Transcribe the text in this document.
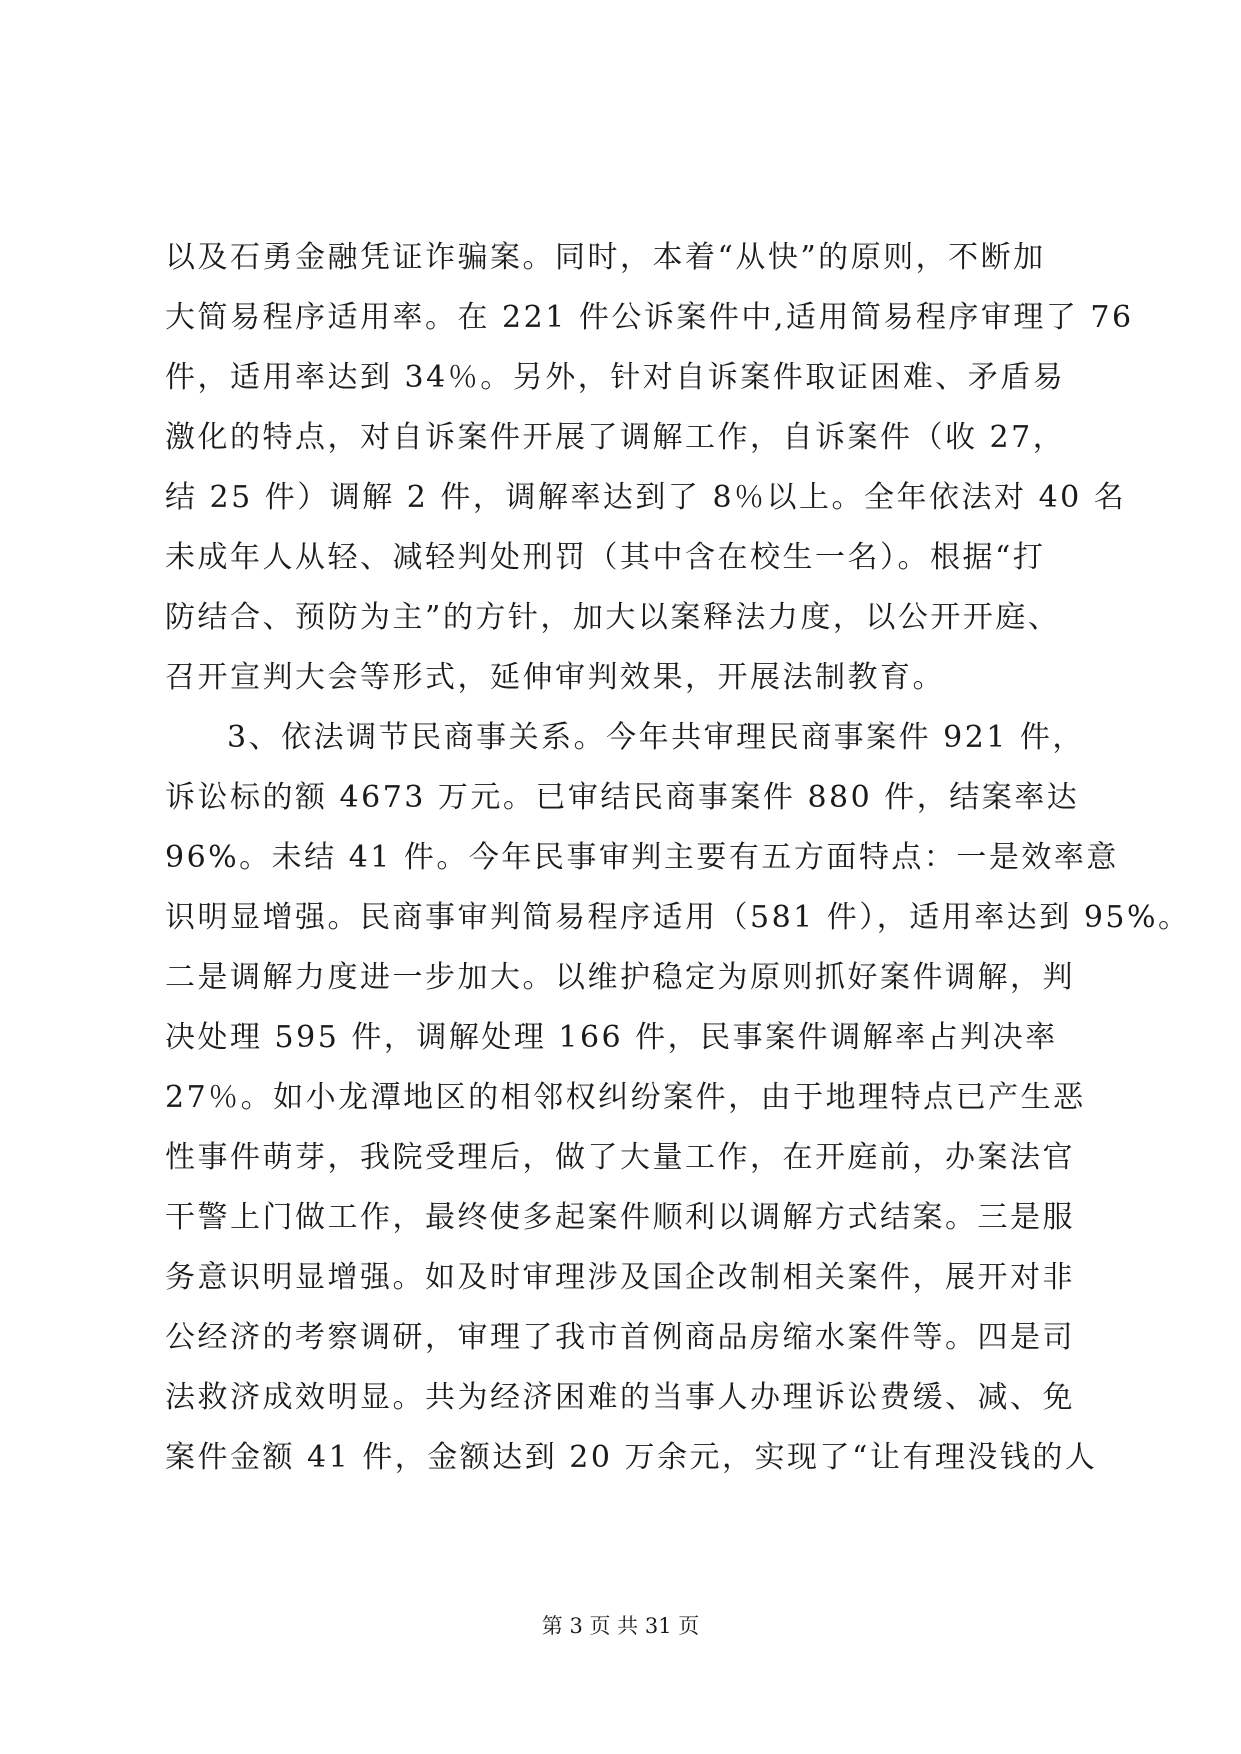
以及石勇金融凭证诈骗案。同时，本着“从快”的原则，不断加
大简易程序适用率。在 221 件公诉案件中,适用简易程序审理了 76
件，适用率达到 34％。另外，针对自诉案件取证困难、矛盾易
激化的特点，对自诉案件开展了调解工作，自诉案件（收 27，
结 25 件）调解 2 件，调解率达到了 8％以上。全年依法对 40 名
未成年人从轻、减轻判处刑罚（其中含在校生一名）。根据“打
防结合、预防为主”的方针，加大以案释法力度，以公开开庭、
召开宣判大会等形式，延伸审判效果，开展法制教育。
3、依法调节民商事关系。今年共审理民商事案件 921 件，
诉讼标的额 4673 万元。已审结民商事案件 880 件，结案率达
96%。未结 41 件。今年民事审判主要有五方面特点：一是效率意
识明显增强。民商事审判简易程序适用（581 件），适用率达到 95%。
二是调解力度进一步加大。以维护稳定为原则抓好案件调解，判
决处理 595 件，调解处理 166 件，民事案件调解率占判决率
27％。如小龙潭地区的相邻权纠纷案件，由于地理特点已产生恶
性事件萌芽，我院受理后，做了大量工作，在开庭前，办案法官
干警上门做工作，最终使多起案件顺利以调解方式结案。三是服
务意识明显增强。如及时审理涉及国企改制相关案件，展开对非
公经济的考察调研，审理了我市首例商品房缩水案件等。四是司
法救济成效明显。共为经济困难的当事人办理诉讼费缓、减、免
案件金额 41 件，金额达到 20 万余元，实现了“让有理没钱的人
第 3 页 共 31 页
